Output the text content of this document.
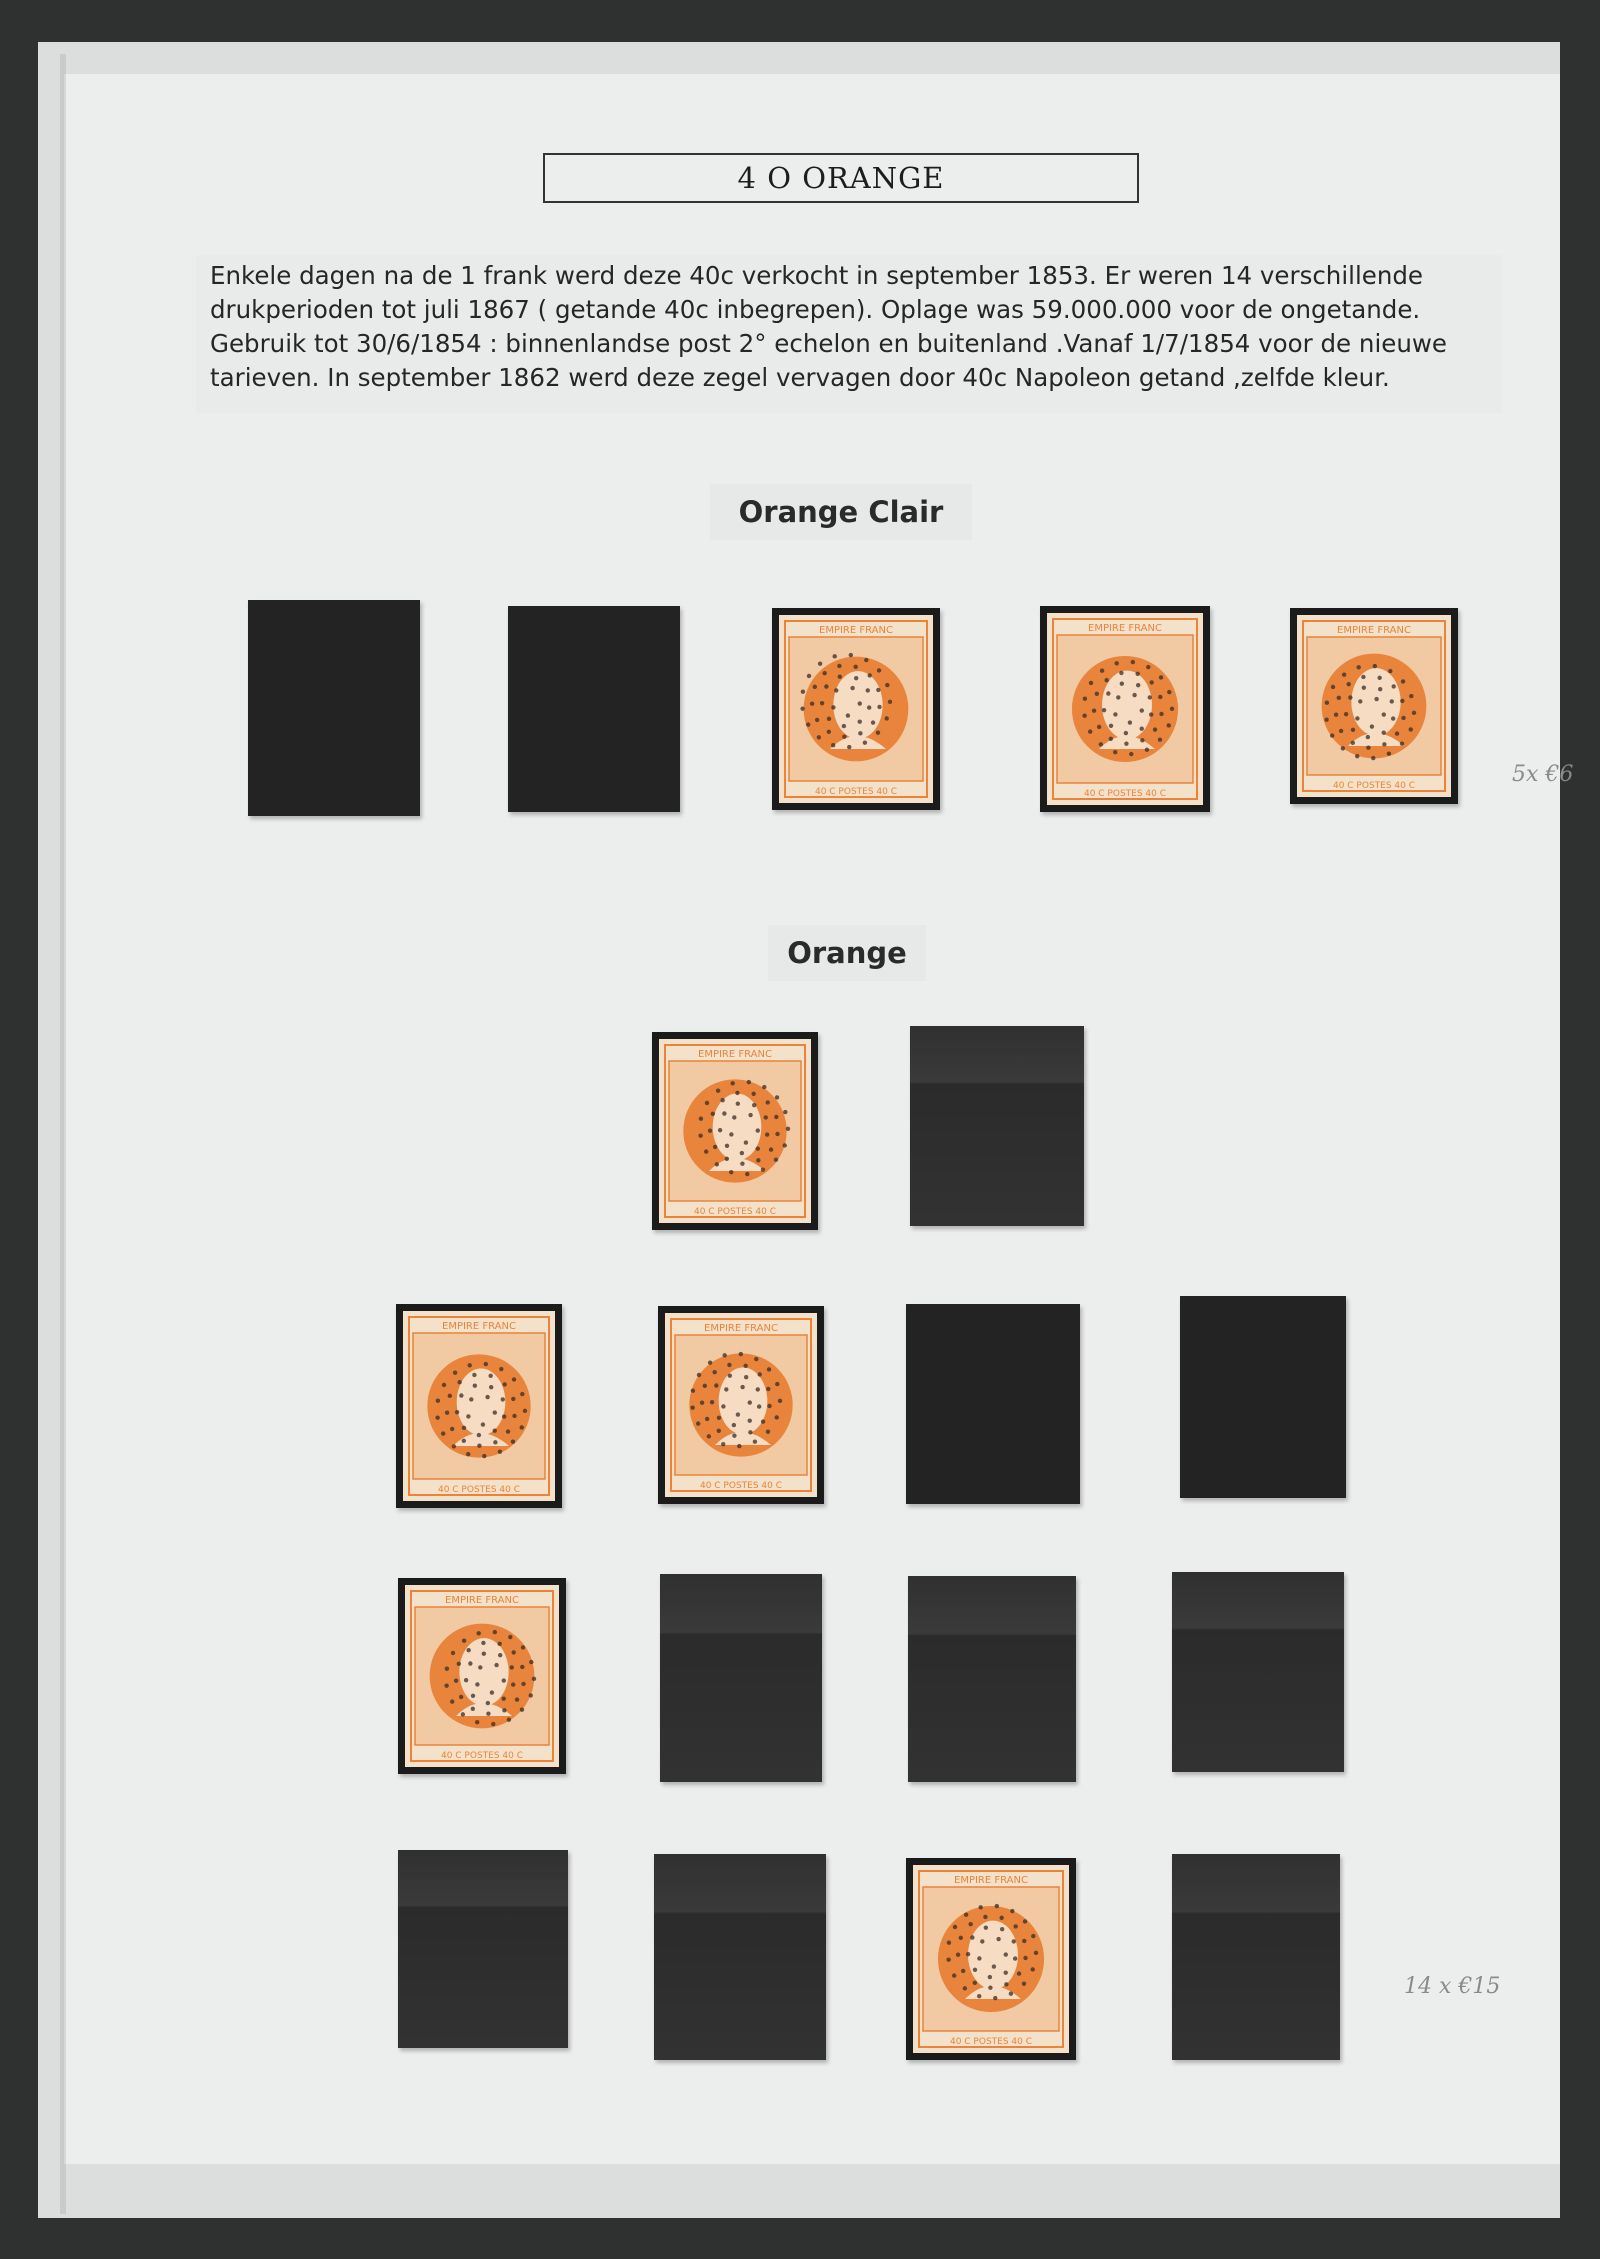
4 O ORANGE
Enkele dagen na de 1 frank werd deze 40c verkocht in september 1853. Er weren 14 verschillende
drukperioden tot juli 1867 ( getande 40c inbegrepen). Oplage was 59.000.000 voor de ongetande.
Gebruik tot 30/6/1854 : binnenlandse post 2° echelon en buitenland .Vanaf 1/7/1854 voor de nieuwe
tarieven. In september 1862 werd deze zegel vervagen door 40c Napoleon getand ,zelfde kleur.
Orange Clair
Orange
5x €6
14 x €15
EMPIRE FRANC
40 C POSTES 40 C
EMPIRE FRANC
40 C POSTES 40 C
EMPIRE FRANC
40 C POSTES 40 C
EMPIRE FRANC
40 C POSTES 40 C
EMPIRE FRANC
40 C POSTES 40 C
EMPIRE FRANC
40 C POSTES 40 C
EMPIRE FRANC
40 C POSTES 40 C
EMPIRE FRANC
40 C POSTES 40 C
